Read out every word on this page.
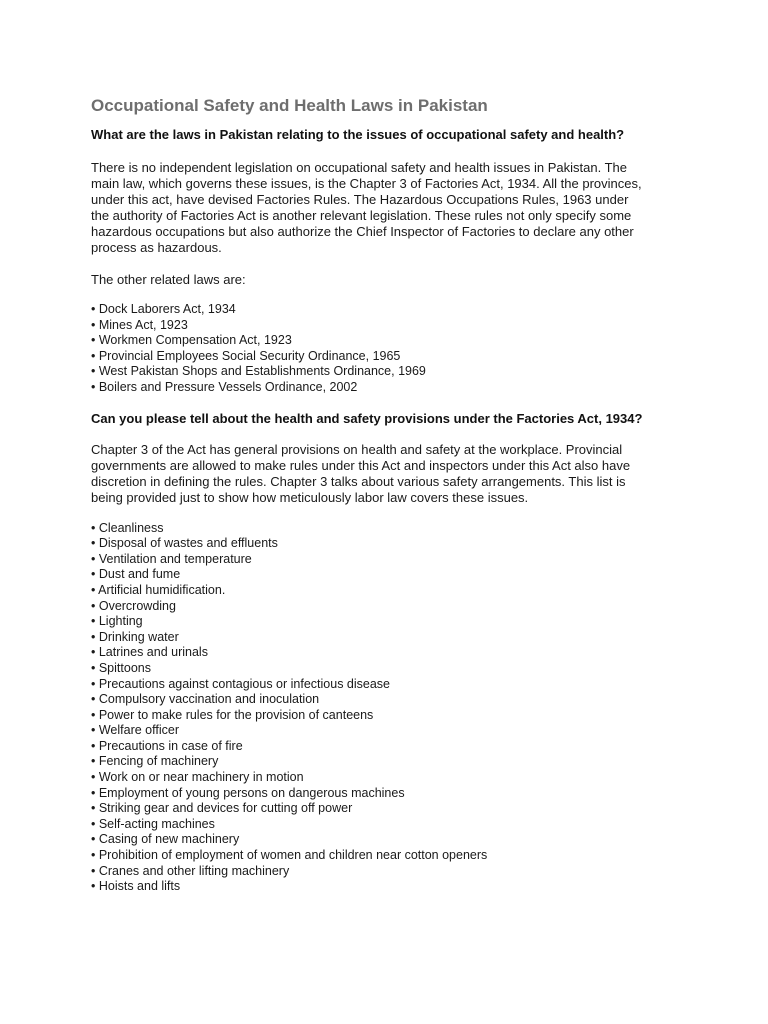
Occupational Safety and Health Laws in Pakistan

What are the laws in Pakistan relating to the issues of occupational safety and health?

There is no independent legislation on occupational safety and health issues in Pakistan. The
main law, which governs these issues, is the Chapter 3 of Factories Act, 1934. All the provinces,
under this act, have devised Factories Rules. The Hazardous Occupations Rules, 1963 under
the authority of Factories Act is another relevant legislation. These rules not only specify some
hazardous occupations but also authorize the Chief Inspector of Factories to declare any other
process as hazardous.

The other related laws are:

• Dock Laborers Act, 1934
• Mines Act, 1923
• Workmen Compensation Act, 1923
• Provincial Employees Social Security Ordinance, 1965
• West Pakistan Shops and Establishments Ordinance, 1969
• Boilers and Pressure Vessels Ordinance, 2002

Can you please tell about the health and safety provisions under the Factories Act, 1934?

Chapter 3 of the Act has general provisions on health and safety at the workplace. Provincial
governments are allowed to make rules under this Act and inspectors under this Act also have
discretion in defining the rules. Chapter 3 talks about various safety arrangements. This list is
being provided just to show how meticulously labor law covers these issues.

• Cleanliness
• Disposal of wastes and effluents
• Ventilation and temperature
• Dust and fume
• Artificial humidification.
• Overcrowding
• Lighting
• Drinking water
• Latrines and urinals
• Spittoons
• Precautions against contagious or infectious disease
• Compulsory vaccination and inoculation
• Power to make rules for the provision of canteens
• Welfare officer
• Precautions in case of fire
• Fencing of machinery
• Work on or near machinery in motion
• Employment of young persons on dangerous machines
• Striking gear and devices for cutting off power
• Self-acting machines
• Casing of new machinery
• Prohibition of employment of women and children near cotton openers
• Cranes and other lifting machinery
• Hoists and lifts
